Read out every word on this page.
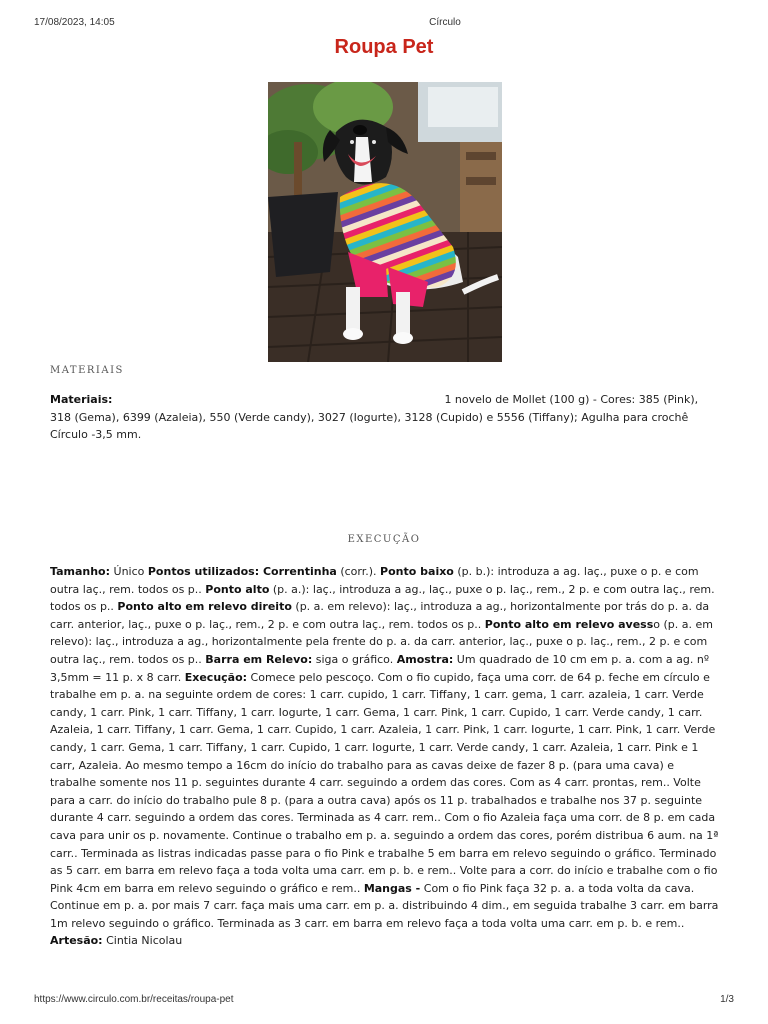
17/08/2023, 14:05	Círculo
Roupa Pet
MATERIAIS
Materiais:	1 novelo de Mollet (100 g) - Cores: 385 (Pink), 318 (Gema), 6399 (Azaleia), 550 (Verde candy), 3027 (Iogurte), 3128 (Cupido) e 5556 (Tiffany); Agulha para crochê Círculo -3,5 mm.
EXECUÇÃO
Tamanho: Único Pontos utilizados: Correntinha (corr.). Ponto baixo (p. b.): introduza a ag. laç., puxe o p. e com outra laç., rem. todos os p.. Ponto alto (p. a.): laç., introduza a ag., laç., puxe o p. laç., rem., 2 p. e com outra laç., rem. todos os p.. Ponto alto em relevo direito (p. a. em relevo): laç., introduza a ag., horizontalmente por trás do p. a. da carr. anterior, laç., puxe o p. laç., rem., 2 p. e com outra laç., rem. todos os p.. Ponto alto em relevo avesso (p. a. em relevo): laç., introduza a ag., horizontalmente pela frente do p. a. da carr. anterior, laç., puxe o p. laç., rem., 2 p. e com outra laç., rem. todos os p.. Barra em Relevo: siga o gráfico. Amostra: Um quadrado de 10 cm em p. a. com a ag. nº 3,5mm = 11 p. x 8 carr. Execução: Comece pelo pescoço. Com o fio cupido, faça uma corr. de 64 p. feche em círculo e trabalhe em p. a. na seguinte ordem de cores: 1 carr. cupido, 1 carr. Tiffany, 1 carr. gema, 1 carr. azaleia, 1 carr. Verde candy, 1 carr. Pink, 1 carr. Tiffany, 1 carr. Iogurte, 1 carr. Gema, 1 carr. Pink, 1 carr. Cupido, 1 carr. Verde candy, 1 carr. Azaleia, 1 carr. Tiffany, 1 carr. Gema, 1 carr. Cupido, 1 carr. Azaleia, 1 carr. Pink, 1 carr. Iogurte, 1 carr. Pink, 1 carr. Verde candy, 1 carr. Gema, 1 carr. Tiffany, 1 carr. Cupido, 1 carr. Iogurte, 1 carr. Verde candy, 1 carr. Azaleia, 1 carr. Pink e 1 carr, Azaleia. Ao mesmo tempo a 16cm do início do trabalho para as cavas deixe de fazer 8 p. (para uma cava) e trabalhe somente nos 11 p. seguintes durante 4 carr. seguindo a ordem das cores. Com as 4 carr. prontas, rem.. Volte para a carr. do início do trabalho pule 8 p. (para a outra cava) após os 11 p. trabalhados e trabalhe nos 37 p. seguinte durante 4 carr. seguindo a ordem das cores. Terminada as 4 carr. rem.. Com o fio Azaleia faça uma corr. de 8 p. em cada cava para unir os p. novamente. Continue o trabalho em p. a. seguindo a ordem das cores, porém distribua 6 aum. na 1ª carr.. Terminada as listras indicadas passe para o fio Pink e trabalhe 5 em barra em relevo seguindo o gráfico. Terminado as 5 carr. em barra em relevo faça a toda volta uma carr. em p. b. e rem.. Volte para a corr. do início e trabalhe com o fio Pink 4cm em barra em relevo seguindo o gráfico e rem.. Mangas - Com o fio Pink faça 32 p. a. a toda volta da cava. Continue em p. a. por mais 7 carr. faça mais uma carr. em p. a. distribuindo 4 dim., em seguida trabalhe 3 carr. em barra 1m relevo seguindo o gráfico. Terminada as 3 carr. em barra em relevo faça a toda volta uma carr. em p. b. e rem.. Artesão: Cintia Nicolau
https://www.circulo.com.br/receitas/roupa-pet	1/3
